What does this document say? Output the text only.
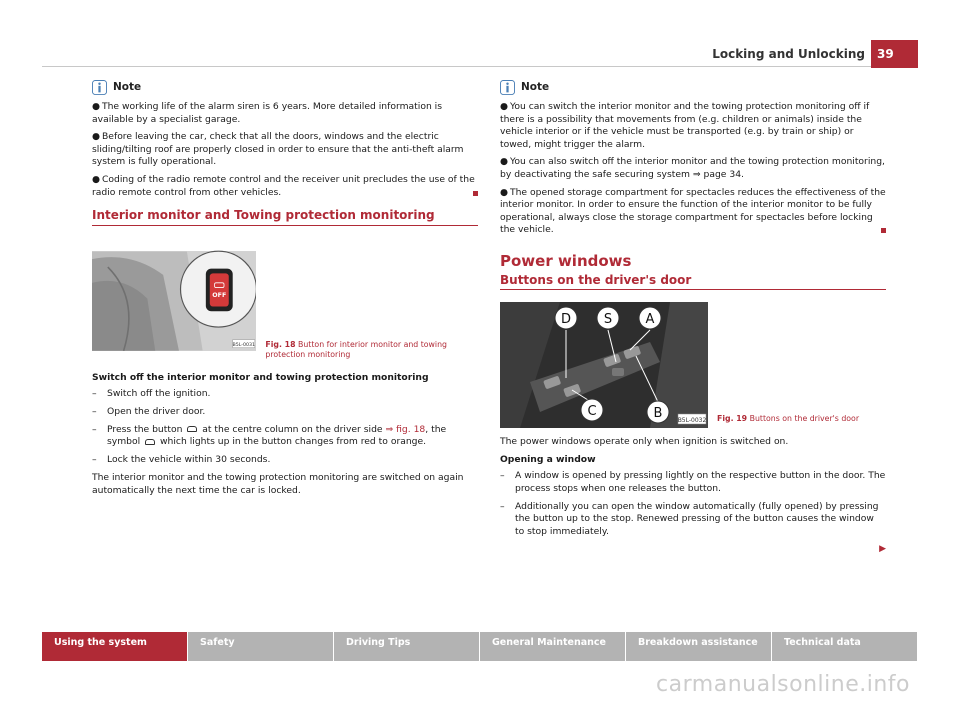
Locking and Unlocking	39
Note

● The working life of the alarm siren is 6 years. More detailed information is available by a specialist garage.

● Before leaving the car, check that all the doors, windows and the electric sliding/tilting roof are properly closed in order to ensure that the anti-theft alarm system is fully operational.

● Coding of the radio remote control and the receiver unit precludes the use of the radio remote control from other vehicles.

Interior monitor and Towing protection monitoring
OFF
B5L-0031 Fig. 18 Button for interior monitor and towing protection monitoring
Switch off the interior monitor and towing protection monitoring
–	Switch off the ignition.
–	Open the driver door.
–	Press the button at the centre column on the driver side ⇒ fig. 18, the symbol which lights up in the button changes from red to orange.
–	Lock the vehicle within 30 seconds.

The interior monitor and the towing protection monitoring are switched on again automatically the next time the car is locked.

Note

● You can switch the interior monitor and the towing protection monitoring off if there is a possibility that movements from (e.g. children or animals) inside the vehicle interior or if the vehicle must be transported (e.g. by train or ship) or towed, might trigger the alarm.

● You can also switch off the interior monitor and the towing protection monitoring, by deactivating the safe securing system ⇒ page 34.

● The opened storage compartment for spectacles reduces the effectiveness of the interior monitor. In order to ensure the function of the interior monitor to be fully operational, always close the storage compartment for spectacles before locking the vehicle.

Power windows
Buttons on the driver's door
D	S	A
C	B	B5L-0032 Fig. 19 Buttons on the driver's door

The power windows operate only when ignition is switched on.

Opening a window
–	A window is opened by pressing lightly on the respective button in the door. The process stops when one releases the button.
–	Additionally you can open the window automatically (fully opened) by pressing the button up to the stop. Renewed pressing of the button causes the window to stop immediately.
▶
Using the system	Safety	Driving Tips	General Maintenance	Breakdown assistance	Technical data
carmanualsonline.info
